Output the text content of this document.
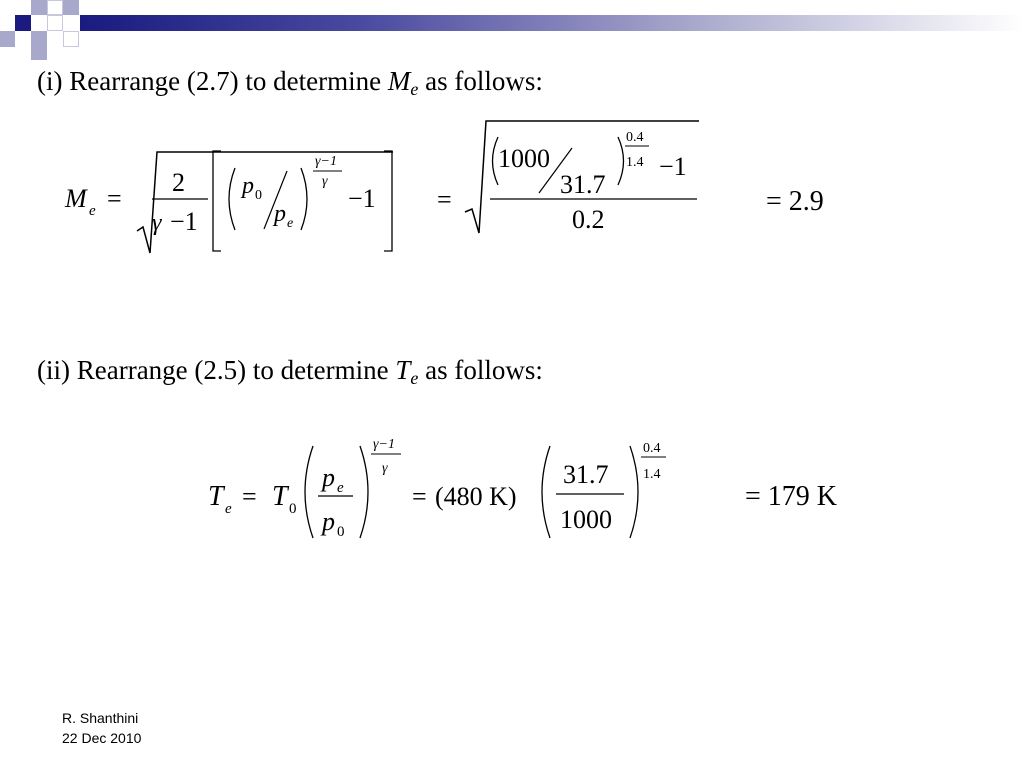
(i) Rearrange (2.7) to determine $M_e$ as follows:
M e =
2
γ −1
p 0
p e
γ−1
γ
−1 =
1000
31.7
0.4
1.4 −1
0.2
= 2.9
(ii) Rearrange (2.5) to determine $T_e$ as follows:
T e = T 0
p e
p 0
γ−1
γ
= (480 K)
31.7
1000
0.4
1.4
= 179 K
R. Shanthini
22 Dec 2010
